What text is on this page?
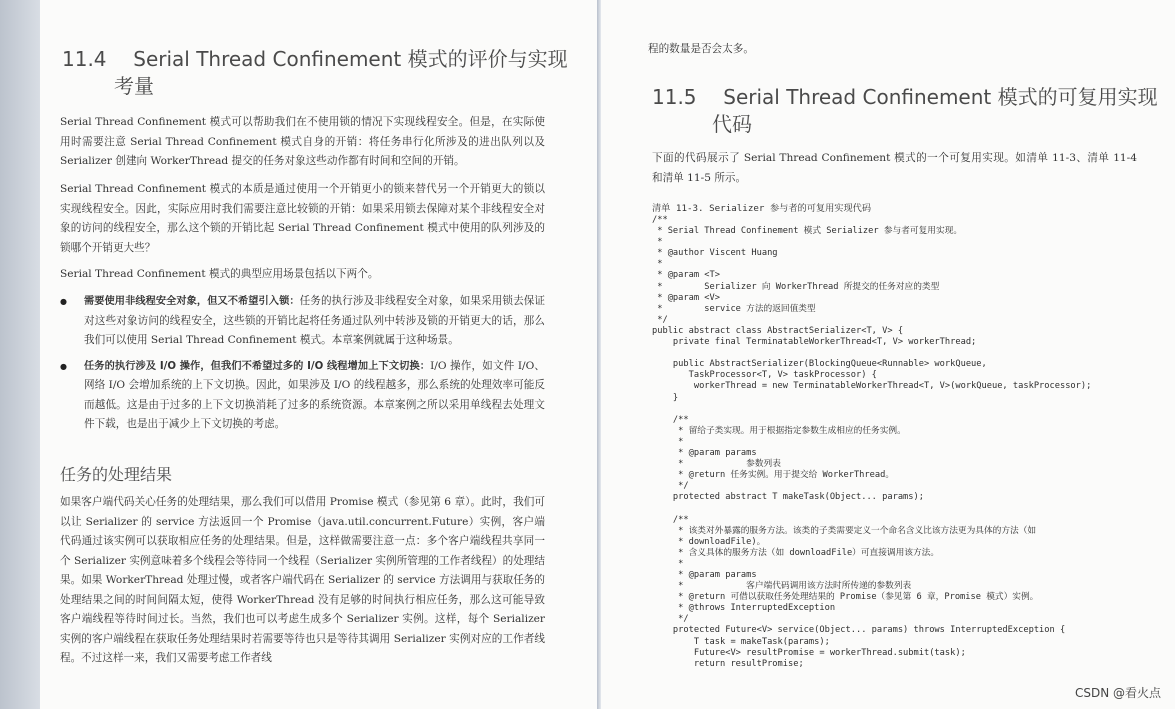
11.4 Serial Thread Confinement 模式的评价与实现
考量

Serial Thread Confinement 模式可以帮助我们在不使用锁的情况下实现线程安全。但是，在实际使用时需要注意 Serial Thread Confinement 模式自身的开销：将任务串行化所涉及的进出队列以及 Serializer 创建向 WorkerThread 提交的任务对象这些动作都有时间和空间的开销。

Serial Thread Confinement 模式的本质是通过使用一个开销更小的锁来替代另一个开销更大的锁以实现线程安全。因此，实际应用时我们需要注意比较锁的开销：如果采用锁去保障对某个非线程安全对象的访问的线程安全，那么这个锁的开销比起 Serial Thread Confinement 模式中使用的队列涉及的锁哪个开销更大些？

Serial Thread Confinement 模式的典型应用场景包括以下两个。

● 需要使用非线程安全对象，但又不希望引入锁：任务的执行涉及非线程安全对象，如果采用锁去保证对这些对象访问的线程安全，这些锁的开销比起将任务通过队列中转涉及锁的开销更大的话，那么我们可以使用 Serial Thread Confinement 模式。本章案例就属于这种场景。
● 任务的执行涉及 I/O 操作，但我们不希望过多的 I/O 线程增加上下文切换：I/O 操作，如文件 I/O、网络 I/O 会增加系统的上下文切换。因此，如果涉及 I/O 的线程越多，那么系统的处理效率可能反而越低。这是由于过多的上下文切换消耗了过多的系统资源。本章案例之所以采用单线程去处理文件下载，也是出于减少上下文切换的考虑。
任务的处理结果

如果客户端代码关心任务的处理结果，那么我们可以借用 Promise 模式（参见第 6 章）。此时，我们可以让 Serializer 的 service 方法返回一个 Promise（java.util.concurrent.Future）实例，客户端代码通过该实例可以获取相应任务的处理结果。但是，这样做需要注意一点：多个客户端线程共享同一个 Serializer 实例意味着多个线程会等待同一个线程（Serializer 实例所管理的工作者线程）的处理结果。如果 WorkerThread 处理过慢，或者客户端代码在 Serializer 的 service 方法调用与获取任务的处理结果之间的时间间隔太短，使得 WorkerThread 没有足够的时间执行相应任务，那么这可能导致客户端线程等待时间过长。当然，我们也可以考虑生成多个 Serializer 实例。这样，每个 Serializer 实例的客户端线程在获取任务处理结果时若需要等待也只是等待其调用 Serializer 实例对应的工作者线程。不过这样一来，我们又需要考虑工作者线

程的数量是否会太多。

11.5 Serial Thread Confinement 模式的可复用实现
代码

下面的代码展示了 Serial Thread Confinement 模式的一个可复用实现。如清单 11-3、清单 11-4 和清单 11-5 所示。

清单 11-3. Serializer 参与者的可复用实现代码
/**
* Serial Thread Confinement 模式 Serializer 参与者可复用实现。
*
* @author Viscent Huang
*
* @param <T>
*        Serializer 向 WorkerThread 所提交的任务对应的类型
* @param <V>
*        service 方法的返回值类型
*/
public abstract class AbstractSerializer<T, V> {
private final TerminatableWorkerThread<T, V> workerThread;

public AbstractSerializer(BlockingQueue<Runnable> workQueue,
TaskProcessor<T, V> taskProcessor) {
workerThread = new TerminatableWorkerThread<T, V>(workQueue, taskProcessor);
}

/**
* 留给子类实现。用于根据指定参数生成相应的任务实例。
*
* @param params
*            参数列表
* @return 任务实例。用于提交给 WorkerThread。
*/
protected abstract T makeTask(Object... params);

/**
* 该类对外暴露的服务方法。该类的子类需要定义一个命名含义比该方法更为具体的方法（如
* downloadFile)。
* 含义具体的服务方法（如 downloadFile）可直接调用该方法。
*
* @param params
*            客户端代码调用该方法时所传递的参数列表
* @return 可借以获取任务处理结果的 Promise（参见第 6 章，Promise 模式）实例。
* @throws InterruptedException
*/
protected Future<V> service(Object... params) throws InterruptedException {
T task = makeTask(params);
Future<V> resultPromise = workerThread.submit(task);
return resultPromise;
CSDN @看火点
